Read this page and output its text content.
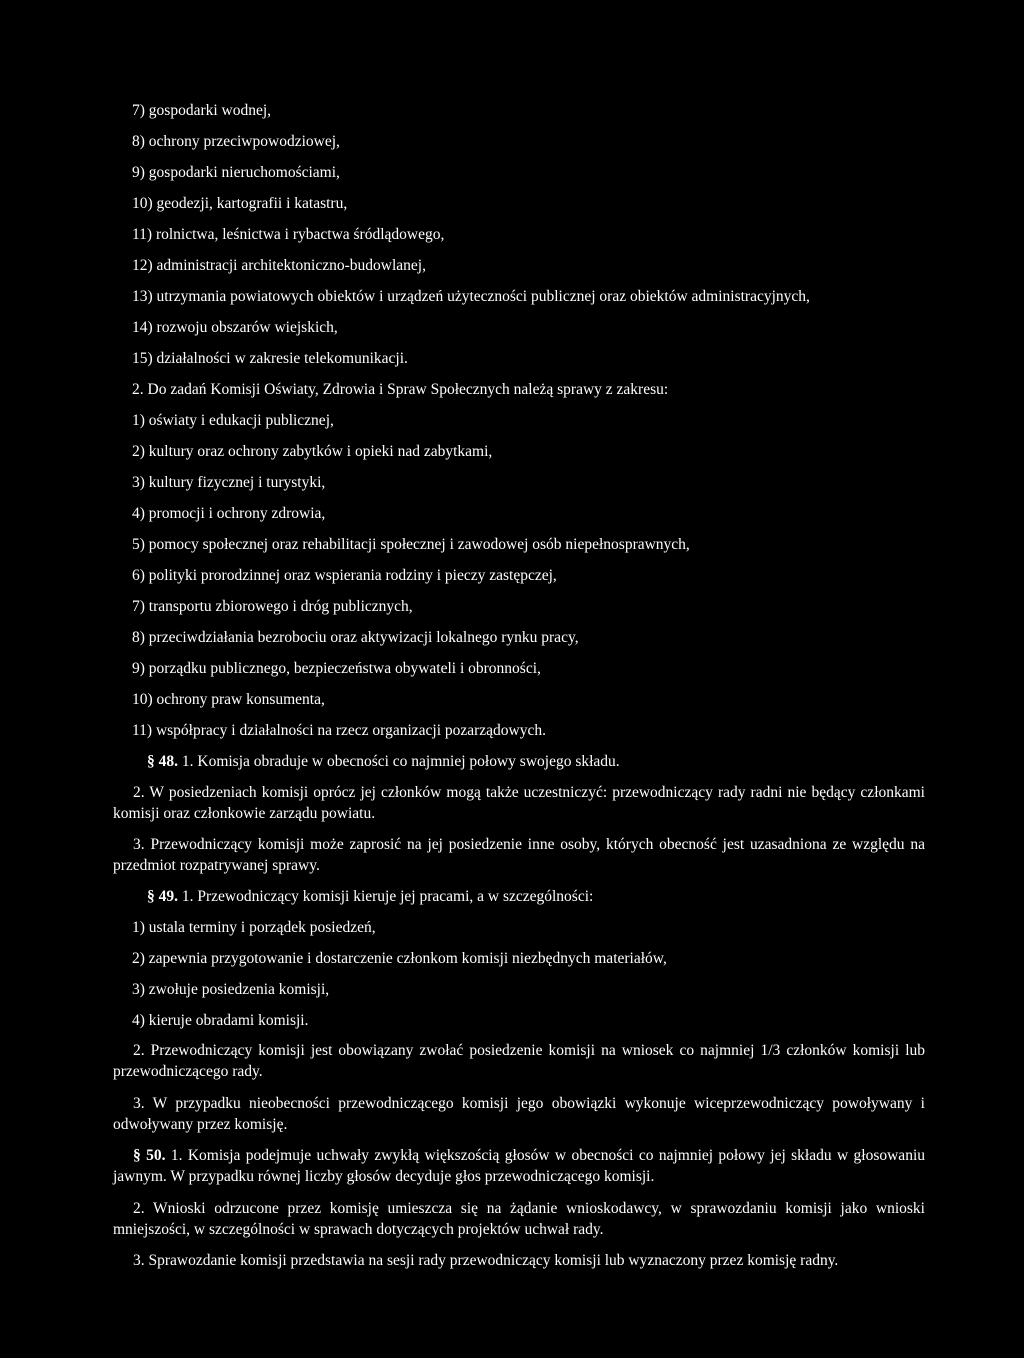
7) gospodarki wodnej,
8) ochrony przeciwpowodziowej,
9) gospodarki nieruchomościami,
10) geodezji, kartografii i katastru,
11) rolnictwa, leśnictwa i rybactwa śródlądowego,
12) administracji architektoniczno-budowlanej,
13) utrzymania powiatowych obiektów i urządzeń użyteczności publicznej oraz obiektów administracyjnych,
14) rozwoju obszarów wiejskich,
15) działalności w zakresie telekomunikacji.
2. Do zadań Komisji Oświaty, Zdrowia i Spraw Społecznych należą sprawy z zakresu:
1) oświaty i edukacji publicznej,
2) kultury oraz ochrony zabytków i opieki nad zabytkami,
3) kultury fizycznej i turystyki,
4) promocji i ochrony zdrowia,
5) pomocy społecznej oraz rehabilitacji społecznej i zawodowej osób niepełnosprawnych,
6) polityki prorodzinnej oraz wspierania rodziny i pieczy zastępczej,
7) transportu zbiorowego i dróg publicznych,
8) przeciwdziałania bezrobociu oraz aktywizacji lokalnego rynku pracy,
9) porządku publicznego, bezpieczeństwa obywateli i obronności,
10) ochrony praw konsumenta,
11) współpracy i działalności na rzecz organizacji pozarządowych.
§ 48. 1. Komisja obraduje w obecności co najmniej połowy swojego składu.
2. W posiedzeniach komisji oprócz jej członków mogą także uczestniczyć: przewodniczący rady radni nie będący członkami komisji oraz członkowie zarządu powiatu.
3. Przewodniczący komisji może zaprosić na jej posiedzenie inne osoby, których obecność jest uzasadniona ze względu na przedmiot rozpatrywanej sprawy.
§ 49. 1. Przewodniczący komisji kieruje jej pracami, a w szczególności:
1) ustala terminy i porządek posiedzeń,
2) zapewnia przygotowanie i dostarczenie członkom komisji niezbędnych materiałów,
3) zwołuje posiedzenia komisji,
4) kieruje obradami komisji.
2. Przewodniczący komisji jest obowiązany zwołać posiedzenie komisji na wniosek co najmniej 1/3 członków komisji lub przewodniczącego rady.
3. W przypadku nieobecności przewodniczącego komisji jego obowiązki wykonuje wiceprzewodniczący powoływany i odwoływany przez komisję.
§ 50. 1. Komisja podejmuje uchwały zwykłą większością głosów w obecności co najmniej połowy jej składu w głosowaniu jawnym. W przypadku równej liczby głosów decyduje głos przewodniczącego komisji.
2. Wnioski odrzucone przez komisję umieszcza się na żądanie wnioskodawcy, w sprawozdaniu komisji jako wnioski mniejszości, w szczególności w sprawach dotyczących projektów uchwał rady.
3. Sprawozdanie komisji przedstawia na sesji rady przewodniczący komisji lub wyznaczony przez komisję radny.
